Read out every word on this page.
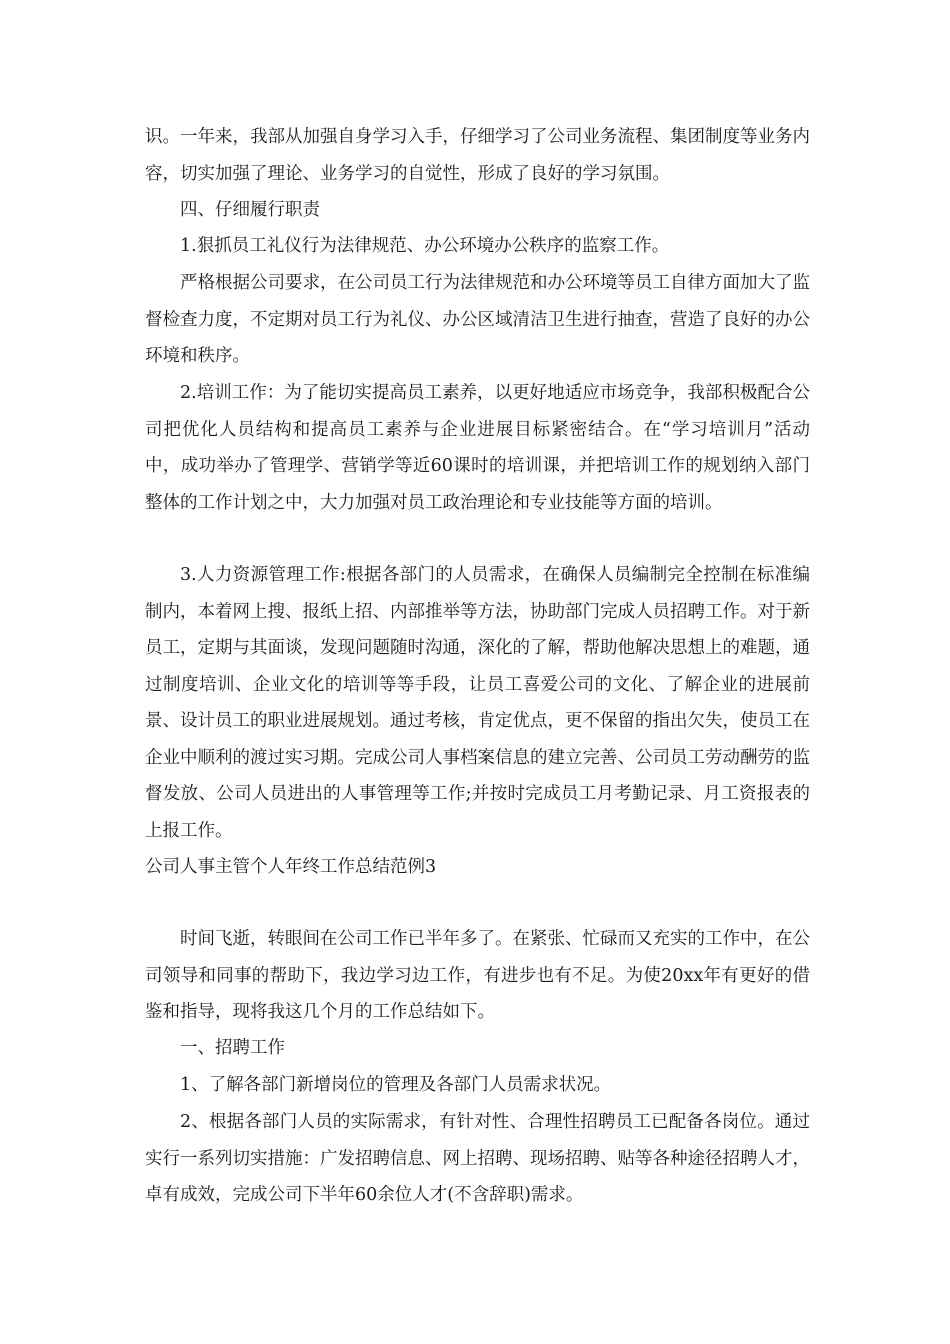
识。一年来，我部从加强自身学习入手，仔细学习了公司业务流程、集团制度等业务内容，切实加强了理论、业务学习的自觉性，形成了良好的学习氛围。

四、仔细履行职责

1.狠抓员工礼仪行为法律规范、办公环境办公秩序的监察工作。

严格根据公司要求，在公司员工行为法律规范和办公环境等员工自律方面加大了监督检查力度，不定期对员工行为礼仪、办公区域清洁卫生进行抽查，营造了良好的办公环境和秩序。

2.培训工作：为了能切实提高员工素养，以更好地适应市场竞争，我部积极配合公司把优化人员结构和提高员工素养与企业进展目标紧密结合。在“学习培训月”活动中，成功举办了管理学、营销学等近60课时的培训课，并把培训工作的规划纳入部门整体的工作计划之中，大力加强对员工政治理论和专业技能等方面的培训。

3.人力资源管理工作:根据各部门的人员需求，在确保人员编制完全控制在标准编制内，本着网上搜、报纸上招、内部推举等方法，协助部门完成人员招聘工作。对于新员工，定期与其面谈，发现问题随时沟通，深化的了解，帮助他解决思想上的难题，通过制度培训、企业文化的培训等等手段，让员工喜爱公司的文化、了解企业的进展前景、设计员工的职业进展规划。通过考核，肯定优点，更不保留的指出欠失，使员工在企业中顺利的渡过实习期。完成公司人事档案信息的建立完善、公司员工劳动酬劳的监督发放、公司人员进出的人事管理等工作;并按时完成员工月考勤记录、月工资报表的上报工作。

公司人事主管个人年终工作总结范例3

时间飞逝，转眼间在公司工作已半年多了。在紧张、忙碌而又充实的工作中，在公司领导和同事的帮助下，我边学习边工作，有进步也有不足。为使20xx年有更好的借鉴和指导，现将我这几个月的工作总结如下。

一、招聘工作

1、了解各部门新增岗位的管理及各部门人员需求状况。

2、根据各部门人员的实际需求，有针对性、合理性招聘员工已配备各岗位。通过实行一系列切实措施：广发招聘信息、网上招聘、现场招聘、贴等各种途径招聘人才，卓有成效，完成公司下半年60余位人才(不含辞职)需求。
